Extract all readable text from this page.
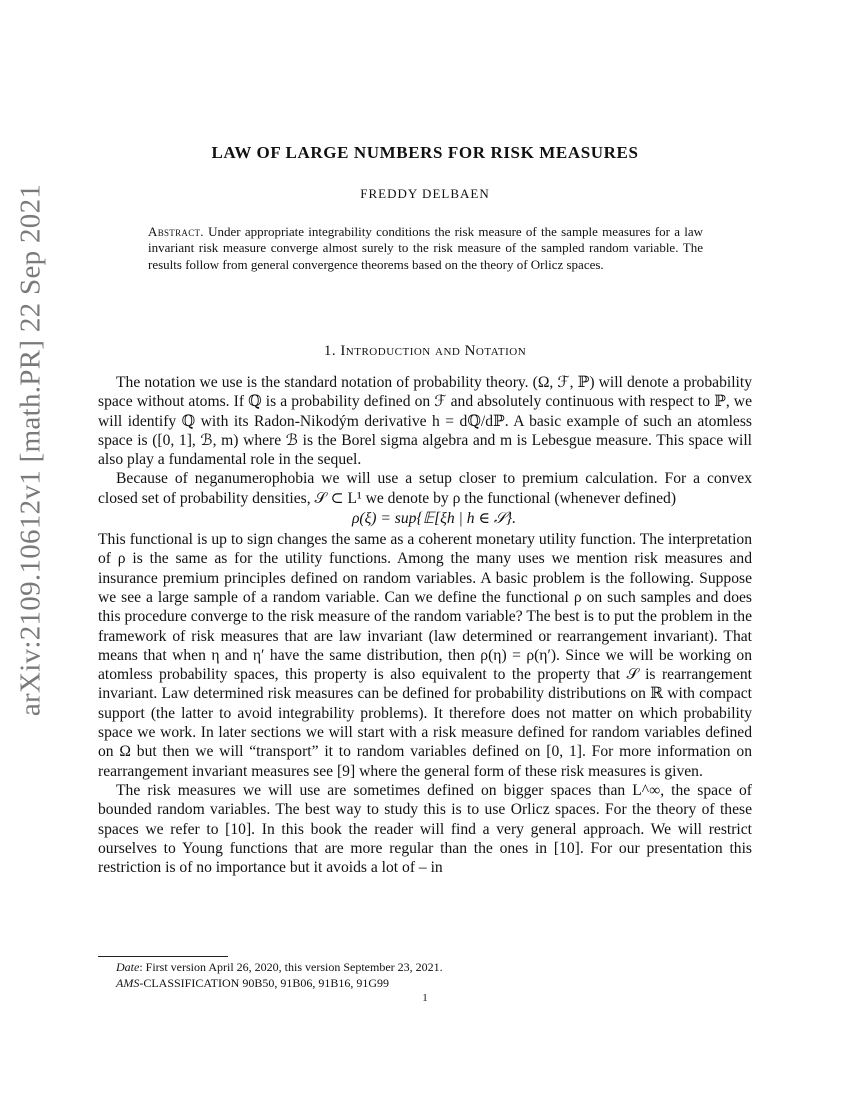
arXiv:2109.10612v1 [math.PR] 22 Sep 2021
LAW OF LARGE NUMBERS FOR RISK MEASURES
FREDDY DELBAEN
Abstract. Under appropriate integrability conditions the risk measure of the sample measures for a law invariant risk measure converge almost surely to the risk measure of the sampled random variable. The results follow from general convergence theorems based on the theory of Orlicz spaces.
1. Introduction and Notation

The notation we use is the standard notation of probability theory. (Ω, ℱ, ℙ) will denote a probability space without atoms. If ℚ is a probability defined on ℱ and absolutely continuous with respect to ℙ, we will identify ℚ with its Radon-Nikodým derivative h = dℚ/dℙ. A basic example of such an atomless space is ([0, 1], ℬ, m) where ℬ is the Borel sigma algebra and m is Lebesgue measure. This space will also play a fundamental role in the sequel.

Because of neganumerophobia we will use a setup closer to premium calculation. For a convex closed set of probability densities, 𝒮 ⊂ L¹ we denote by ρ the functional (whenever defined)

ρ(ξ) = sup{𝔼[ξh | h ∈ 𝒮}.

This functional is up to sign changes the same as a coherent monetary utility function. The interpretation of ρ is the same as for the utility functions. Among the many uses we mention risk measures and insurance premium principles defined on random variables. A basic problem is the following. Suppose we see a large sample of a random variable. Can we define the functional ρ on such samples and does this procedure converge to the risk measure of the random variable? The best is to put the problem in the framework of risk measures that are law invariant (law determined or rearrangement invariant). That means that when η and η′ have the same distribution, then ρ(η) = ρ(η′). Since we will be working on atomless probability spaces, this property is also equivalent to the property that 𝒮 is rearrangement invariant. Law determined risk measures can be defined for probability distributions on ℝ with compact support (the latter to avoid integrability problems). It therefore does not matter on which probability space we work. In later sections we will start with a risk measure defined for random variables defined on Ω but then we will “transport” it to random variables defined on [0, 1]. For more information on rearrangement invariant measures see [9] where the general form of these risk measures is given.

The risk measures we will use are sometimes defined on bigger spaces than L^∞, the space of bounded random variables. The best way to study this is to use Orlicz spaces. For the theory of these spaces we refer to [10]. In this book the reader will find a very general approach. We will restrict ourselves to Young functions that are more regular than the ones in [10]. For our presentation this restriction is of no importance but it avoids a lot of – in

Date: First version April 26, 2020, this version September 23, 2021.
AMS-CLASSIFICATION 90B50, 91B06, 91B16, 91G99
1
